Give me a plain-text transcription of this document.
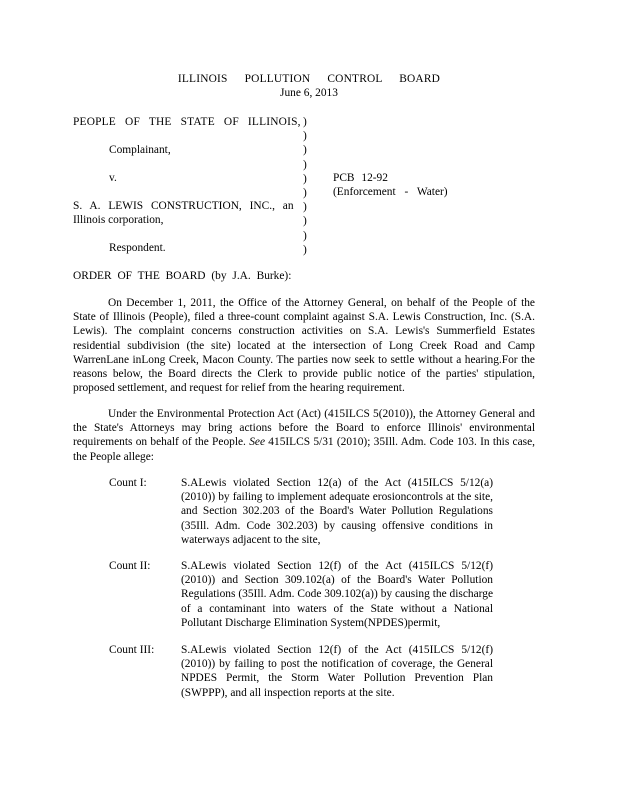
ILLINOIS POLLUTION CONTROL BOARD
June 6, 2013
PEOPLE OF THE STATE OF ILLINOIS,
Complainant,
v.
S. A. LEWIS CONSTRUCTION, INC., an
Illinois corporation,
Respondent.
)
)
)
)
)
)
)
)
)
)
PCB 12-92
(Enforcement - Water)
ORDER OF THE BOARD (by J.A. Burke):

On December 1, 2011, the Office of the Attorney General, on behalf of the People of the State of Illinois (People), filed a three-count complaint against S.A. Lewis Construction, Inc. (S.A. Lewis). The complaint concerns construction activities on S.A. Lewis's Summerfield Estates residential subdivision (the site) located at the intersection of Long Creek Road and Camp WarrenLane inLong Creek, Macon County. The parties now seek to settle without a hearing.For the reasons below, the Board directs the Clerk to provide public notice of the parties' stipulation, proposed settlement, and request for relief from the hearing requirement.

Under the Environmental Protection Act (Act) (415ILCS 5(2010)), the Attorney General and the State's Attorneys may bring actions before the Board to enforce Illinois' environmental requirements on behalf of the People. See 415ILCS 5/31 (2010); 35Ill. Adm. Code 103. In this case, the People allege:

Count I:	S.ALewis violated Section 12(a) of the Act (415ILCS 5/12(a) (2010)) by failing to implement adequate erosioncontrols at the site, and Section 302.203 of the Board's Water Pollution Regulations (35Ill. Adm. Code 302.203) by causing offensive conditions in waterways adjacent to the site,
Count II:	S.ALewis violated Section 12(f) of the Act (415ILCS 5/12(f) (2010)) and Section 309.102(a) of the Board's Water Pollution Regulations (35Ill. Adm. Code 309.102(a)) by causing the discharge of a contaminant into waters of the State without a National Pollutant Discharge Elimination System(NPDES)permit,
Count III: S.ALewis violated Section 12(f) of the Act (415ILCS 5/12(f) (2010)) by failing to post the notification of coverage, the General NPDES Permit, the Storm Water Pollution Prevention Plan (SWPPP), and all inspection reports at the site.
